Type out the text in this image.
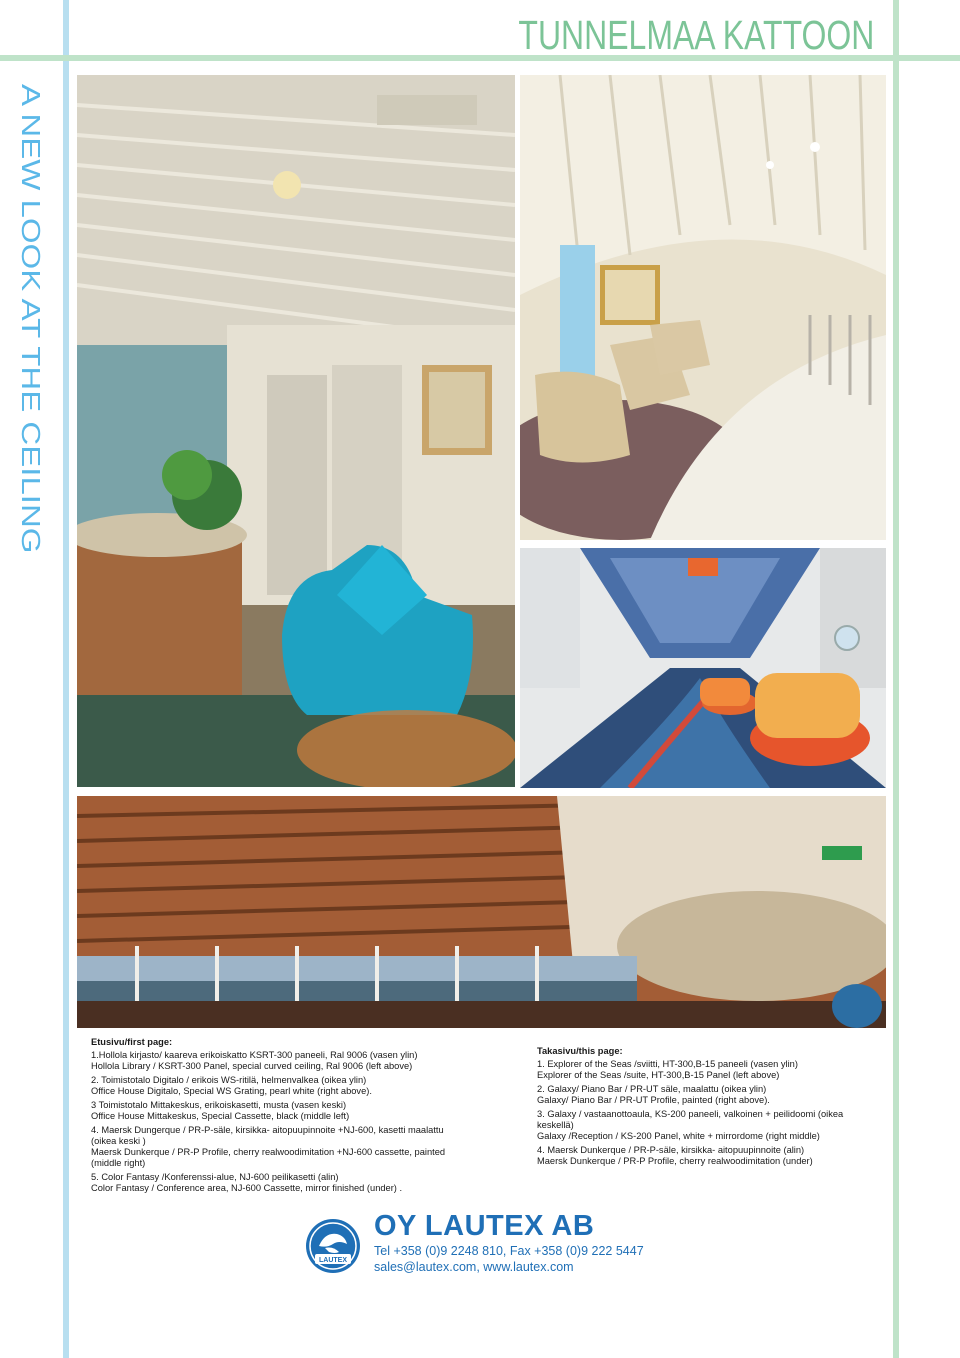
TUNNELMAA KATTOON
A NEW LOOK AT THE CEILING
Etusivu/first page:

1.Hollola kirjasto/ kaareva erikoiskatto KSRT-300 paneeli, Ral 9006 (vasen ylin)
Hollola Library / KSRT-300 Panel, special curved ceiling, Ral 9006 (left above)

2. Toimistotalo Digitalo / erikois WS-ritilä, helmenvalkea (oikea ylin)
Office House Digitalo, Special WS Grating, pearl white (right above).

3 Toimistotalo Mittakeskus, erikoiskasetti, musta (vasen keski)
Office House Mittakeskus, Special Cassette, black (middle left)

4. Maersk Dungerque / PR-P-säle, kirsikka- aitopuupinnoite +NJ-600, kasetti maalattu
(oikea keski )
Maersk Dunkerque / PR-P Profile, cherry realwoodimitation +NJ-600 cassette, painted
(middle right)

5. Color Fantasy /Konferenssi-alue, NJ-600 peilikasetti (alin)
Color Fantasy / Conference area, NJ-600 Cassette, mirror finished (under) .

Takasivu/this page:

1. Explorer of the Seas /sviitti, HT-300,B-15 paneeli (vasen ylin)
Explorer of the Seas /suite, HT-300,B-15 Panel (left above)

2. Galaxy/ Piano Bar / PR-UT säle, maalattu (oikea ylin)
Galaxy/ Piano Bar / PR-UT Profile, painted (right above).

3. Galaxy / vastaanottoaula, KS-200 paneeli, valkoinen + peilidoomi (oikea
keskellä)
Galaxy /Reception / KS-200 Panel, white + mirrordome (right middle)

4. Maersk Dunkerque / PR-P-säle, kirsikka- aitopuupinnoite (alin)
Maersk Dunkerque / PR-P Profile, cherry realwoodimitation (under)

LAUTEX
OY LAUTEX AB
Tel +358 (0)9 2248 810, Fax +358 (0)9 222 5447
sales@lautex.com, www.lautex.com
